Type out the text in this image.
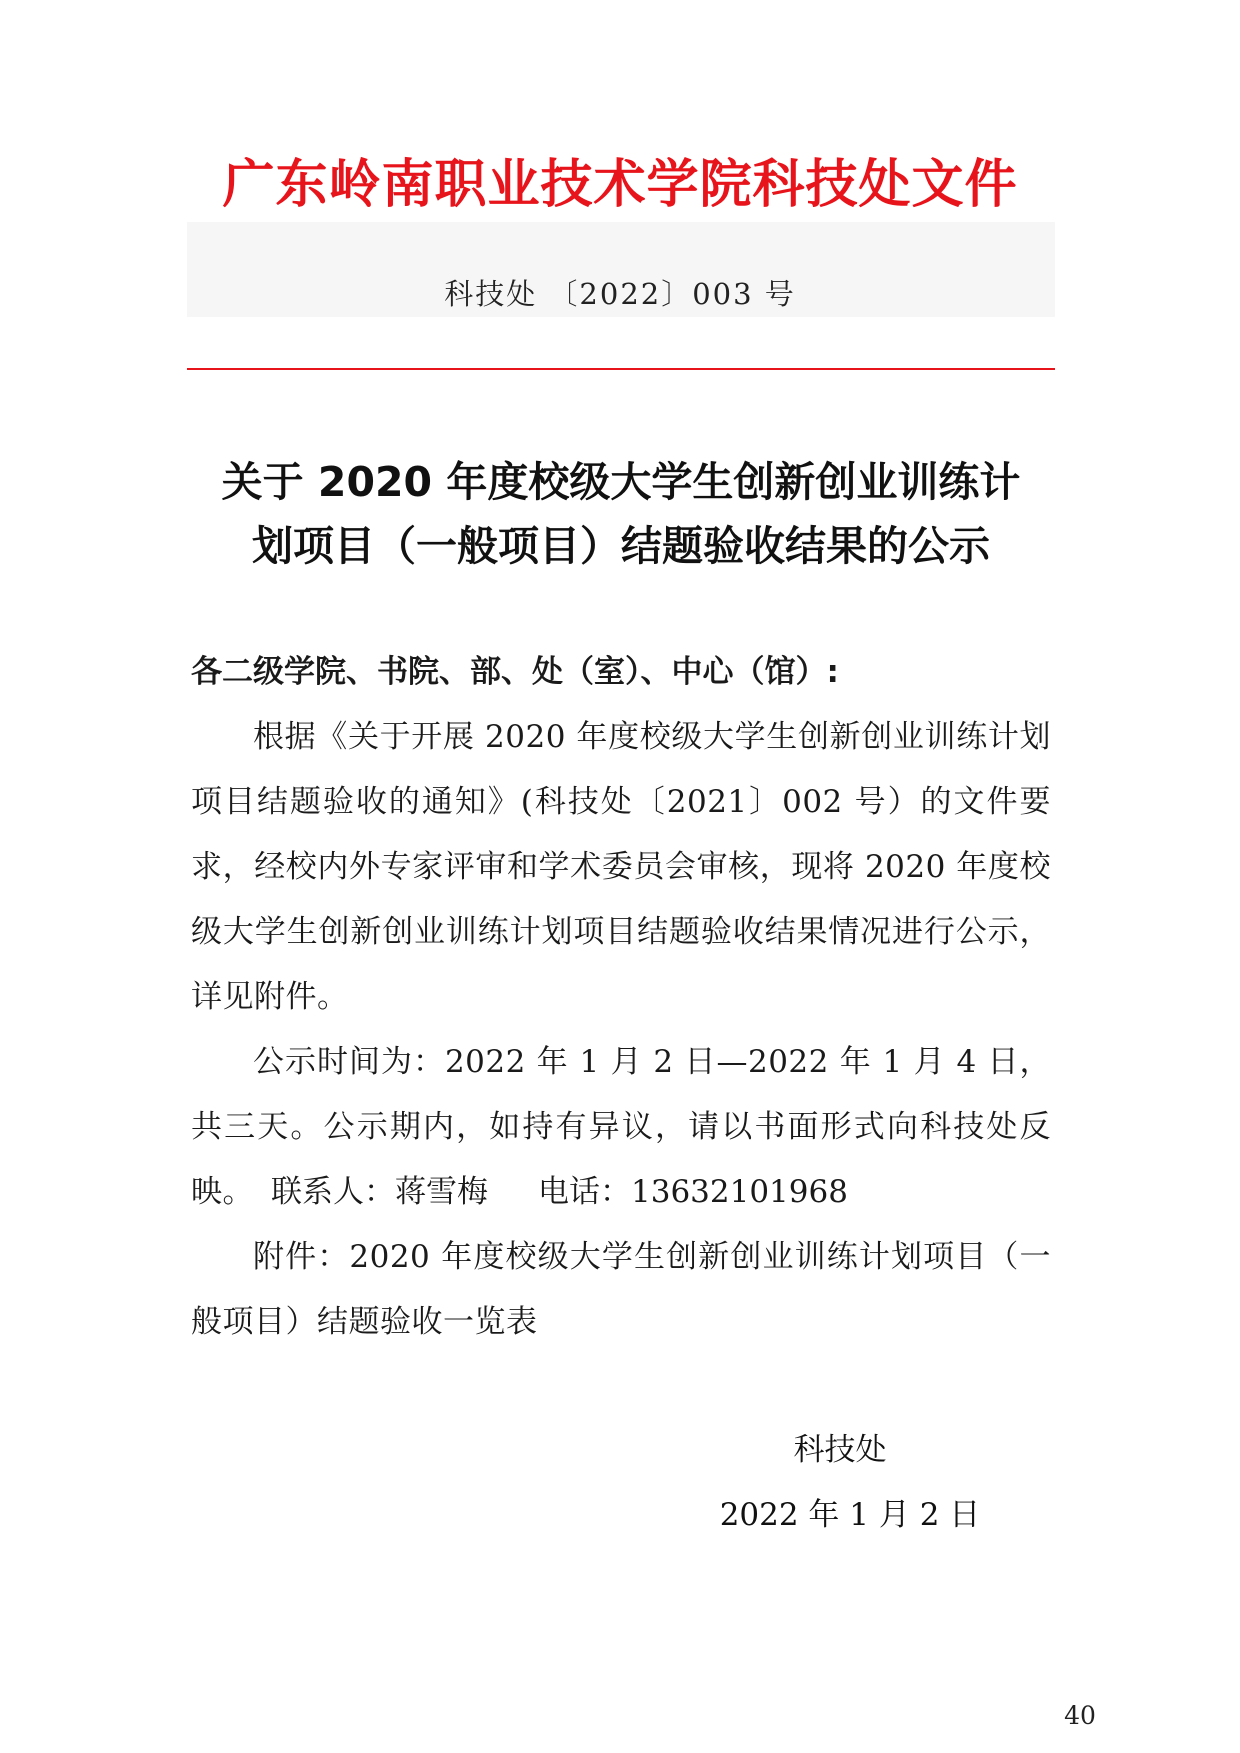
广东岭南职业技术学院科技处文件
科技处 〔2022〕003 号
关于 2020 年度校级大学生创新创业训练计
划项目（一般项目）结题验收结果的公示

各二级学院、书院、部、处（室）、中心（馆）:

根据《关于开展 2020 年度校级大学生创新创业训练计划项目结题验收的通知》(科技处〔2021〕002 号）的文件要求，经校内外专家评审和学术委员会审核，现将 2020 年度校级大学生创新创业训练计划项目结题验收结果情况进行公示，详见附件。

公示时间为：2022 年 1 月 2 日—2022 年 1 月 4 日，共三天。公示期内，如持有异议，请以书面形式向科技处反映。 联系人：蒋雪梅 电话：13632101968

附件：2020 年度校级大学生创新创业训练计划项目（一般项目）结题验收一览表

科技处
2022 年 1 月 2 日
40
